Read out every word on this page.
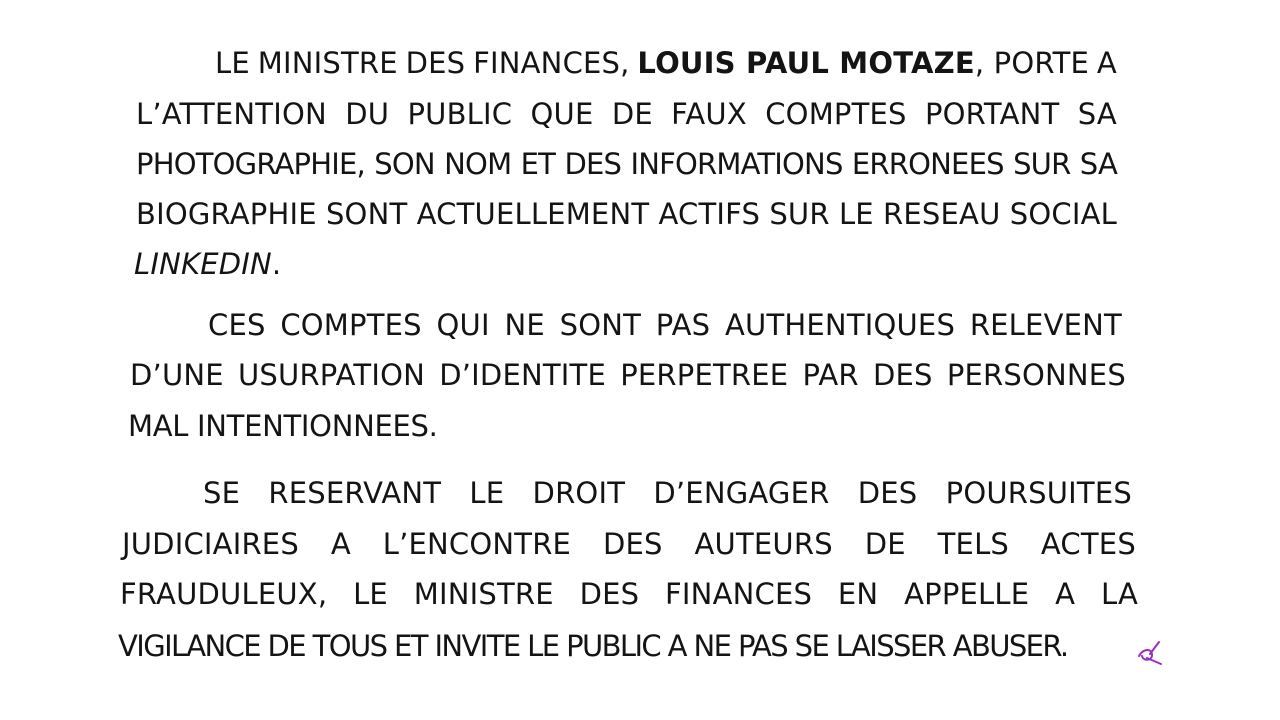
LE MINISTRE DES FINANCES, LOUIS PAUL MOTAZE, PORTE A
L’ATTENTION DU PUBLIC QUE DE FAUX COMPTES PORTANT SA
PHOTOGRAPHIE, SON NOM ET DES INFORMATIONS ERRONEES SUR SA
BIOGRAPHIE SONT ACTUELLEMENT ACTIFS SUR LE RESEAU SOCIAL
LINKEDIN.
CES COMPTES QUI NE SONT PAS AUTHENTIQUES RELEVENT
D’UNE USURPATION D’IDENTITE PERPETREE PAR DES PERSONNES
MAL INTENTIONNEES.
SE RESERVANT LE DROIT D’ENGAGER DES POURSUITES
JUDICIAIRES A L’ENCONTRE DES AUTEURS DE TELS ACTES
FRAUDULEUX, LE MINISTRE DES FINANCES EN APPELLE A LA
VIGILANCE DE TOUS ET INVITE LE PUBLIC A NE PAS SE LAISSER ABUSER.
